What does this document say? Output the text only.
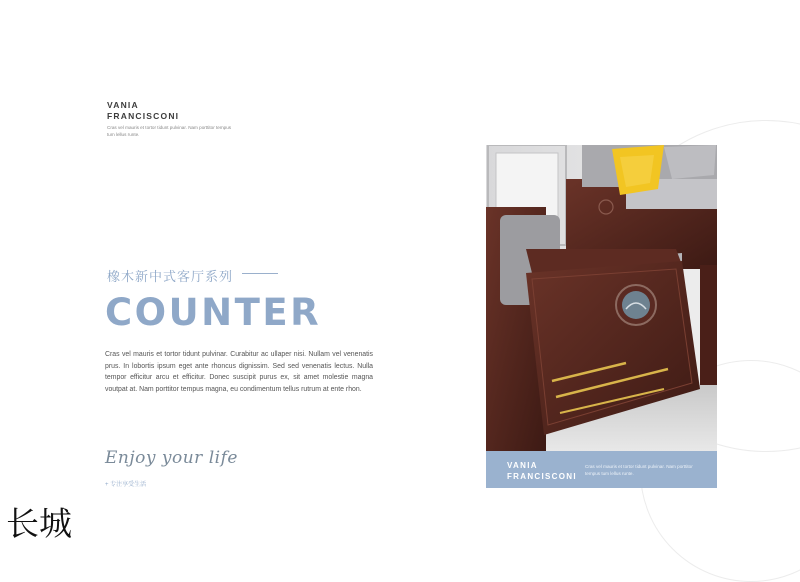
VANIA
FRANCISCONI
Cras vel mauris et tortor tidunt pulvinar. Nam porttitor tempus tum lellus runte.
橡木新中式客厅系列
COUNTER
Cras vel mauris et tortor tidunt pulvinar. Curabitur ac ullaper nisi. Nullam vel venenatis prus. In lobortis ipsum eget ante rhoncus dignissim. Sed sed venenatis lectus. Nulla tempor efficitur arcu et efficitur. Donec suscipit purus ex, sit amet molestie magna voutpat at. Nam porttitor tempus magna, eu condimentum tellus rutrum at ente rhon.
Enjoy your life
+ 专注享受生活
长城
VANIA
FRANCISCONI
Cras vel mauris et tortor tidunt pulvinar. Nam porttitor tempus tum lellus runte.
